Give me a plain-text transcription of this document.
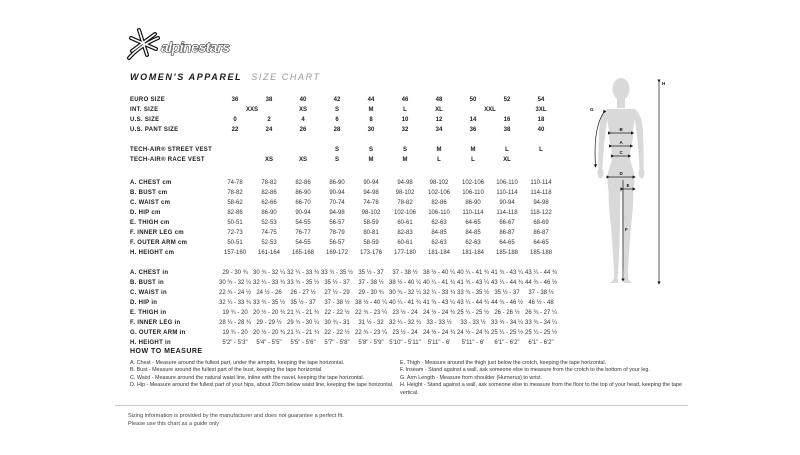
alpinestars
WOMEN'S APPAREL SIZE CHART
EURO SIZE	36	38	40	42	44	46	48	50	52	54
INT. SIZE	XXS		XS	S	M	L	XL	XXL		3XL
U.S. SIZE	0	2	4	6	8	10	12	14	16	18
U.S. PANT SIZE	22	24	26	28	30	32	34	36	38	40

TECH-AIR® STREET VEST				S	S	S	M	M	L	L
TECH-AIR® RACE VEST		XS	XS	S	M	M	L	L	XL	

A. CHEST cm	74-78	78-82	82-86	86-90	90-94	94-98	98-102	102-106	106-110	110-114
B. BUST cm	78-82	82-86	86-90	90-94	94-98	98-102	102-106	106-110	110-114	114-118
C. WAIST cm	58-62	62-66	66-70	70-74	74-78	78-82	82-86	86-90	90-94	94-98
D. HIP cm	82-86	86-90	90-94	94-98	98-102	102-106	106-110	110-114	114-118	118-122
E. THIGH cm	50-51	52-53	54-55	56-57	58-59	60-61	62-63	64-65	66-67	68-69
F. INNER LEG cm	72-73	74-75	76-77	78-79	80-81	82-83	84-85	84-85	86-87	86-87
F. OUTER ARM cm	50-51	52-53	54-55	56-57	58-59	60-61	62-63	62-63	64-65	64-65
H. HEIGHT cm	157-160	161-164	165-168	169-172	173-176	177-180	181-184	181-184	185-188	185-188

A. CHEST in	29 - 30 ¾	30 ¾ - 32 ¼	32 ¼ - 33 ¾	33 ¾ - 35 ½	35 ½ - 37	37 - 38 ½	38 ½ - 40 ¼	40 ¼ - 41 ¾	41 ¾ - 43 ¼	43 ¼ - 44 ¾
B. BUST in	30 ¾ - 32 ¼	32 ¼ - 33 ¾	33 ¾ - 35 ½	35 ½ - 37	37 - 38 ½	38 ½ - 40 ¼	40 ¼ - 41 ¾	41 ¾ - 43 ¼	43 ¼ - 44 ¾	44 ¾ - 46 ½
C. WAIST in	22 ¾ - 24 ½	24 ½ - 26	26 - 27 ½	27 ½ - 29	29 - 30 ¾	30 ¾ - 32 ¼	32 ¼ - 33 ¾	33 ¾ - 35 ½	35 ½ - 37	37 - 38 ½
D. HIP in	32 ¼ - 33 ¾	33 ¾ - 35 ½	35 ½ - 37	37 - 38 ½	38 ½ - 40 ¼	40 ¼ - 41 ¾	41 ¾ - 43 ¼	43 ¼ - 44 ¾	44 ¾ - 46 ½	46 ½ - 48
E. THIGH in	19 ¾ - 20	20 ½ - 20 ¾	21 ¼ - 21 ¾	22 - 22 ½	22 ¾ - 23 ¼	23 ½ - 24	24 ½ - 24 ¾	25 ¼ - 25 ½	26 - 26 ½	26 ¾ - 27 ¼
F. INNER LEG in	28 ¼ - 28 ¾	29 - 29 ½	29 ¾ - 30 ¼	30 ¾ - 31	31 ½ - 32	32 ¼ - 32 ¾	33 - 33 ½	33 - 33 ½	33 ¾ - 34 ¼	33 ¾ - 34 ¼
G. OUTER ARM in	19 ¾ - 20	20 ½ - 20 ¾	21 ¼ - 21 ¾	22 - 22 ½	22 ¾ - 23 ¼	23 ½ - 24	24 ½ - 24 ¾	24 ½ - 24 ¾	25 ¼ - 25 ½	25 ¼ - 25 ½
H. HEIGHT in	5'2" - 5'3"	5'4" - 5'5"	5'5" - 5'6"	5'7" - 5'8"	5'8" - 5'9"	5'10" - 5'11"	5'11" - 6'	5'11" - 6'	6'1" - 6'2"	6'1" - 6'2"
B
A
C
D
E
F
G
H
HOW TO MEASURE
A. Chest - Measure around the fullest part, under the armpits, keeping the tape horizontal.
B. Bust - Measure around the fullest part of the bust, keeping the tape horizontal.
C. Waist - Measure around the natural waist line, inline with the navel, keeping the tape horizontal.
D. Hip - Measure around the fullest part of your hips, about 20cm below waist line, keeping the tape horizontal.
E. Thigh - Measure around the thigh just below the crotch, keeping the tape horizontal.
F. Inseam - Stand against a wall, ask someone else to measure from the crotch to the bottom of your leg.
G. Arm Length - Measure from shoulder (Humerus) to wrist.
H. Height - Stand against a wall, ask someone else to measure from the floor to the top of your head, keeping the tape vertical.
Sizing information is provided by the manufacturer and does not guarantee a perfect fit.
Please use this chart as a guide only
